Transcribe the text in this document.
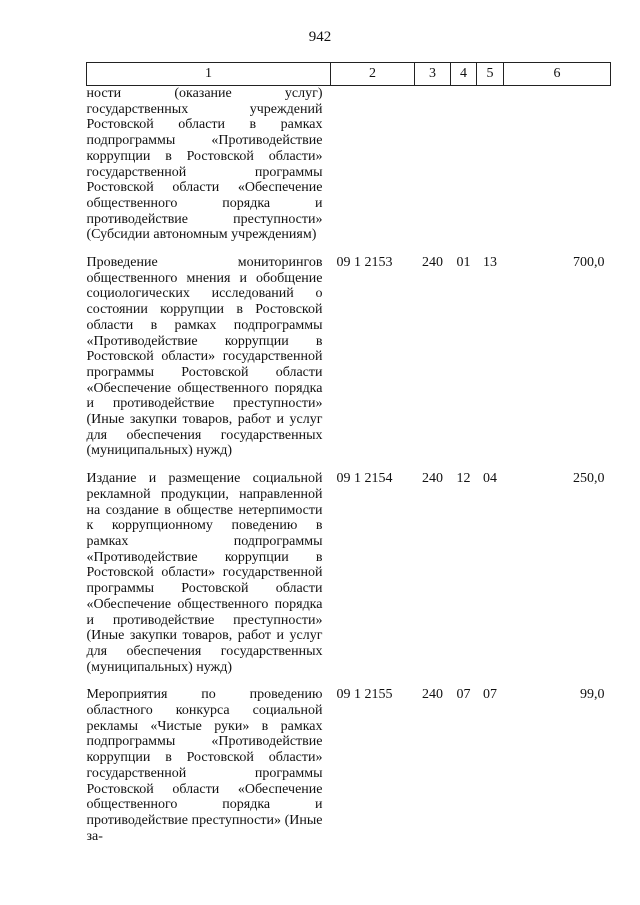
942
1	2	3	4	5	6
ности (оказание услуг) государственных учреждений Ростовской области в рамках подпрограммы «Противодействие коррупции в Ростовской области» государственной программы Ростовской области «Обеспечение общественного порядка и противодействие преступности» (Субсидии автономным учреждениям)					
Проведение мониторингов общественного мнения и обобщение социологических исследований о состоянии коррупции в Ростовской области в рамках подпрограммы «Противодействие коррупции в Ростовской области» государственной программы Ростовской области «Обеспечение общественного порядка и противодействие преступности» (Иные закупки товаров, работ и услуг для обеспечения государственных (муниципальных) нужд)	09 1 2153	240	01	13	700,0
Издание и размещение социальной рекламной продукции, направленной на создание в обществе нетерпимости к коррупционному поведению в рамках подпрограммы «Противодействие коррупции в Ростовской области» государственной программы Ростовской области «Обеспечение общественного порядка и противодействие преступности» (Иные закупки товаров, работ и услуг для обеспечения государственных (муниципальных) нужд)	09 1 2154	240	12	04	250,0
Мероприятия по проведению областного конкурса социальной рекламы «Чистые руки» в рамках подпрограммы «Противодействие коррупции в Ростовской области» государственной программы Ростовской области «Обеспечение общественного порядка и противодействие преступности» (Иные за-	09 1 2155	240	07	07	99,0
